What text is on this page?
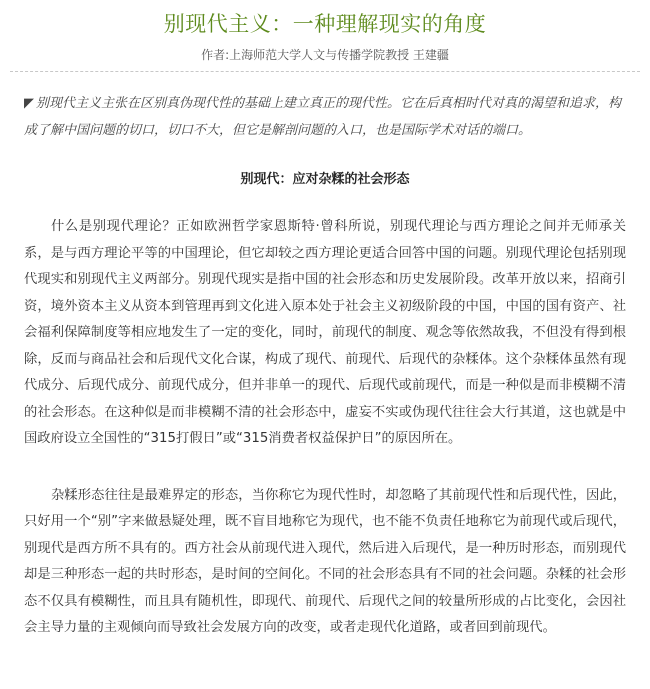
别现代主义：一种理解现实的角度
作者:上海师范大学人文与传播学院教授 王建疆
◤ 别现代主义主张在区别真伪现代性的基础上建立真正的现代性。它在后真相时代对真的渴望和追求，构成了解中国问题的切口，切口不大，但它是解剖问题的入口，也是国际学术对话的端口。
别现代：应对杂糅的社会形态

什么是别现代理论？正如欧洲哲学家恩斯特·曾科所说，别现代理论与西方理论之间并无师承关系，是与西方理论平等的中国理论，但它却较之西方理论更适合回答中国的问题。别现代理论包括别现代现实和别现代主义两部分。别现代现实是指中国的社会形态和历史发展阶段。改革开放以来，招商引资，境外资本主义从资本到管理再到文化进入原本处于社会主义初级阶段的中国，中国的国有资产、社会福利保障制度等相应地发生了一定的变化，同时，前现代的制度、观念等依然故我，不但没有得到根除，反而与商品社会和后现代文化合谋，构成了现代、前现代、后现代的杂糅体。这个杂糅体虽然有现代成分、后现代成分、前现代成分，但并非单一的现代、后现代或前现代，而是一种似是而非模糊不清的社会形态。在这种似是而非模糊不清的社会形态中，虚妄不实或伪现代往往会大行其道，这也就是中国政府设立全国性的“315打假日”或“315消费者权益保护日”的原因所在。

杂糅形态往往是最难界定的形态，当你称它为现代性时，却忽略了其前现代性和后现代性，因此，只好用一个“别”字来做悬疑处理，既不盲目地称它为现代，也不能不负责任地称它为前现代或后现代，别现代是西方所不具有的。西方社会从前现代进入现代，然后进入后现代，是一种历时形态，而别现代却是三种形态一起的共时形态，是时间的空间化。不同的社会形态具有不同的社会问题。杂糅的社会形态不仅具有模糊性，而且具有随机性，即现代、前现代、后现代之间的较量所形成的占比变化，会因社会主导力量的主观倾向而导致社会发展方向的改变，或者走现代化道路，或者回到前现代。
